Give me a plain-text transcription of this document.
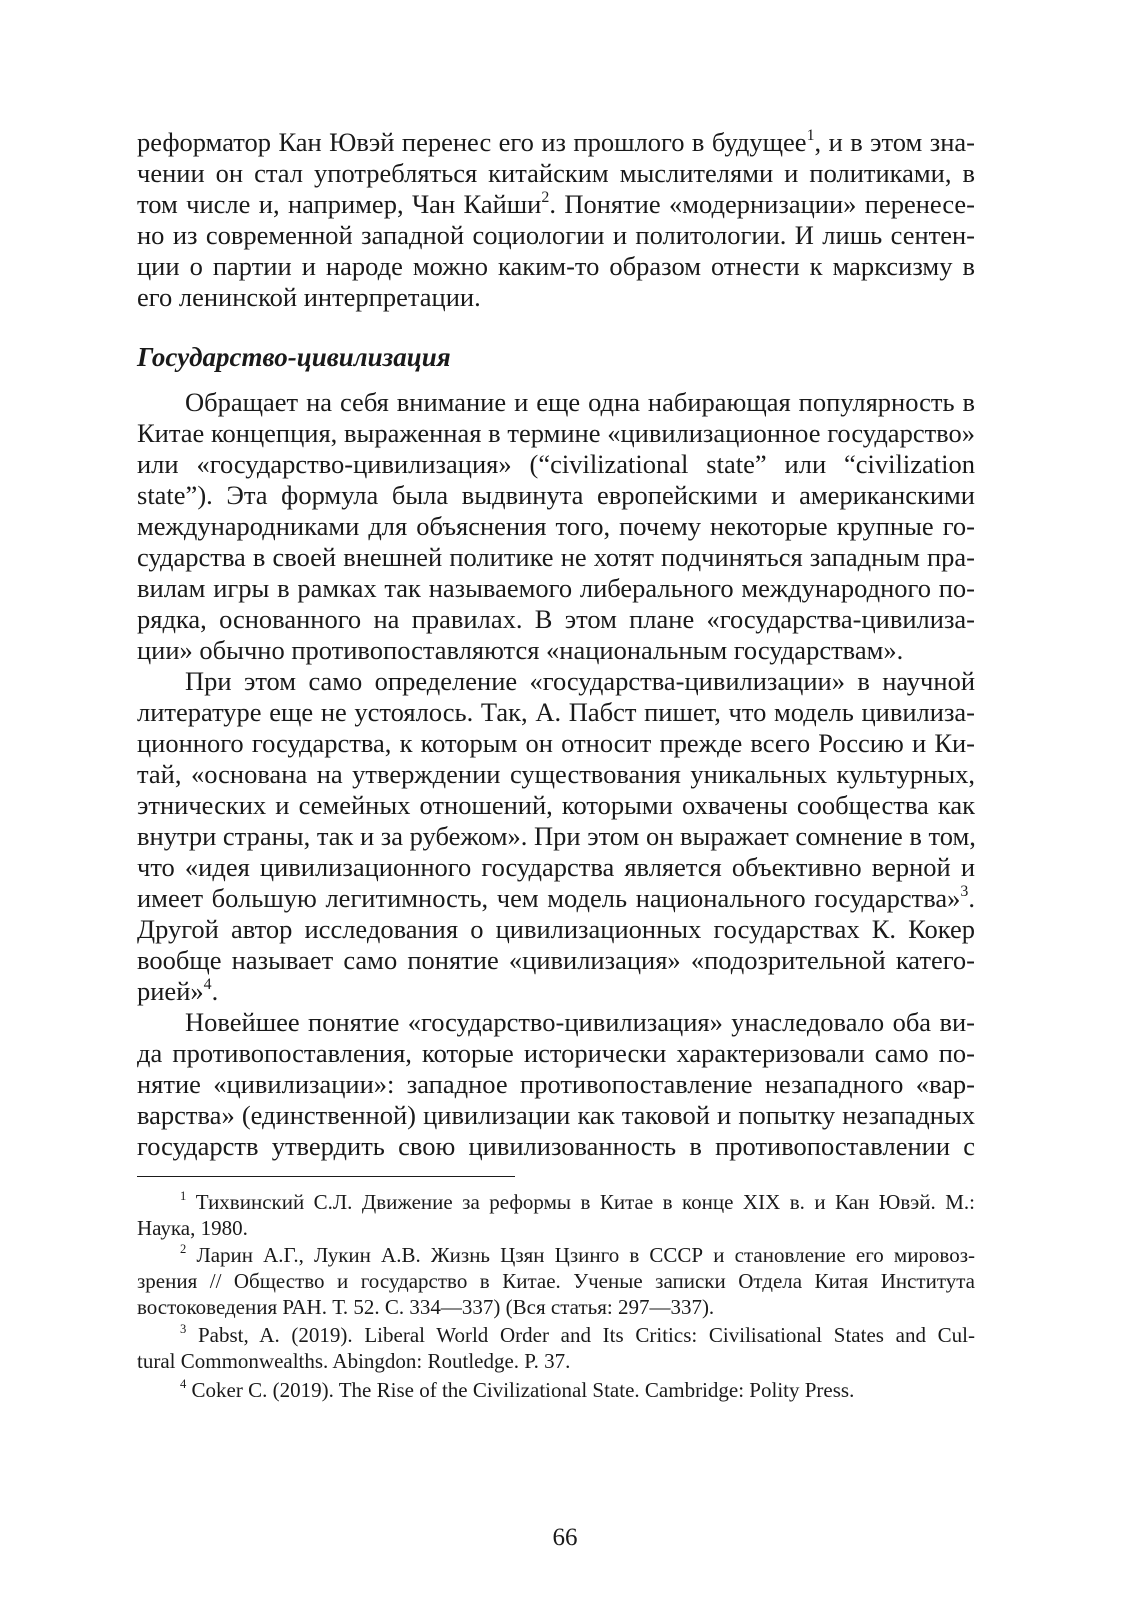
реформатор Кан Ювэй перенес его из прошлого в будущее$^1$, и в этом зна-
чении он стал употребляться китайским мыслителями и политиками, в
том числе и, например, Чан Кайши$^2$. Понятие «модернизации» перенесе-
но из современной западной социологии и политологии. И лишь сентен-
ции о партии и народе можно каким-то образом отнести к марксизму в
его ленинской интерпретации.
Государство-цивилизация
Обращает на себя внимание и еще одна набирающая популярность в
Китае концепция, выраженная в термине «цивилизационное государство»
или «государство-цивилизация» (“civilizational state” или “civilization
state”). Эта формула была выдвинута европейскими и американскими
международниками для объяснения того, почему некоторые крупные го-
сударства в своей внешней политике не хотят подчиняться западным пра-
вилам игры в рамках так называемого либерального международного по-
рядка, основанного на правилах. В этом плане «государства-цивилиза-
ции» обычно противопоставляются «национальным государствам».
При этом само определение «государства-цивилизации» в научной
литературе еще не устоялось. Так, А. Пабст пишет, что модель цивилиза-
ционного государства, к которым он относит прежде всего Россию и Ки-
тай, «основана на утверждении существования уникальных культурных,
этнических и семейных отношений, которыми охвачены сообщества как
внутри страны, так и за рубежом». При этом он выражает сомнение в том,
что «идея цивилизационного государства является объективно верной и
имеет большую легитимность, чем модель национального государства»$^3$.
Другой автор исследования о цивилизационных государствах К. Кокер
вообще называет само понятие «цивилизация» «подозрительной катего-
рией»$^4$.
Новейшее понятие «государство-цивилизация» унаследовало оба ви-
да противопоставления, которые исторически характеризовали само по-
нятие «цивилизации»: западное противопоставление незападного «вар-
варства» (единственной) цивилизации как таковой и попытку незападных
государств утвердить свою цивилизованность в противопоставлении с
$^1$ Тихвинский С.Л. Движение за реформы в Китае в конце XIX в. и Кан Ювэй. М.:
Наука, 1980.
$^2$ Ларин А.Г., Лукин А.В. Жизнь Цзян Цзинго в СССР и становление его мировоз-
зрения // Общество и государство в Китае. Ученые записки Отдела Китая Института
востоковедения РАН. Т. 52. С. 334—337) (Вся статья: 297—337).
$^3$ Pabst, A. (2019). Liberal World Order and Its Critics: Civilisational States and Cul-
tural Commonwealths. Abingdon: Routledge. P. 37.
$^4$ Coker C. (2019). The Rise of the Civilizational State. Cambridge: Polity Press.
66
